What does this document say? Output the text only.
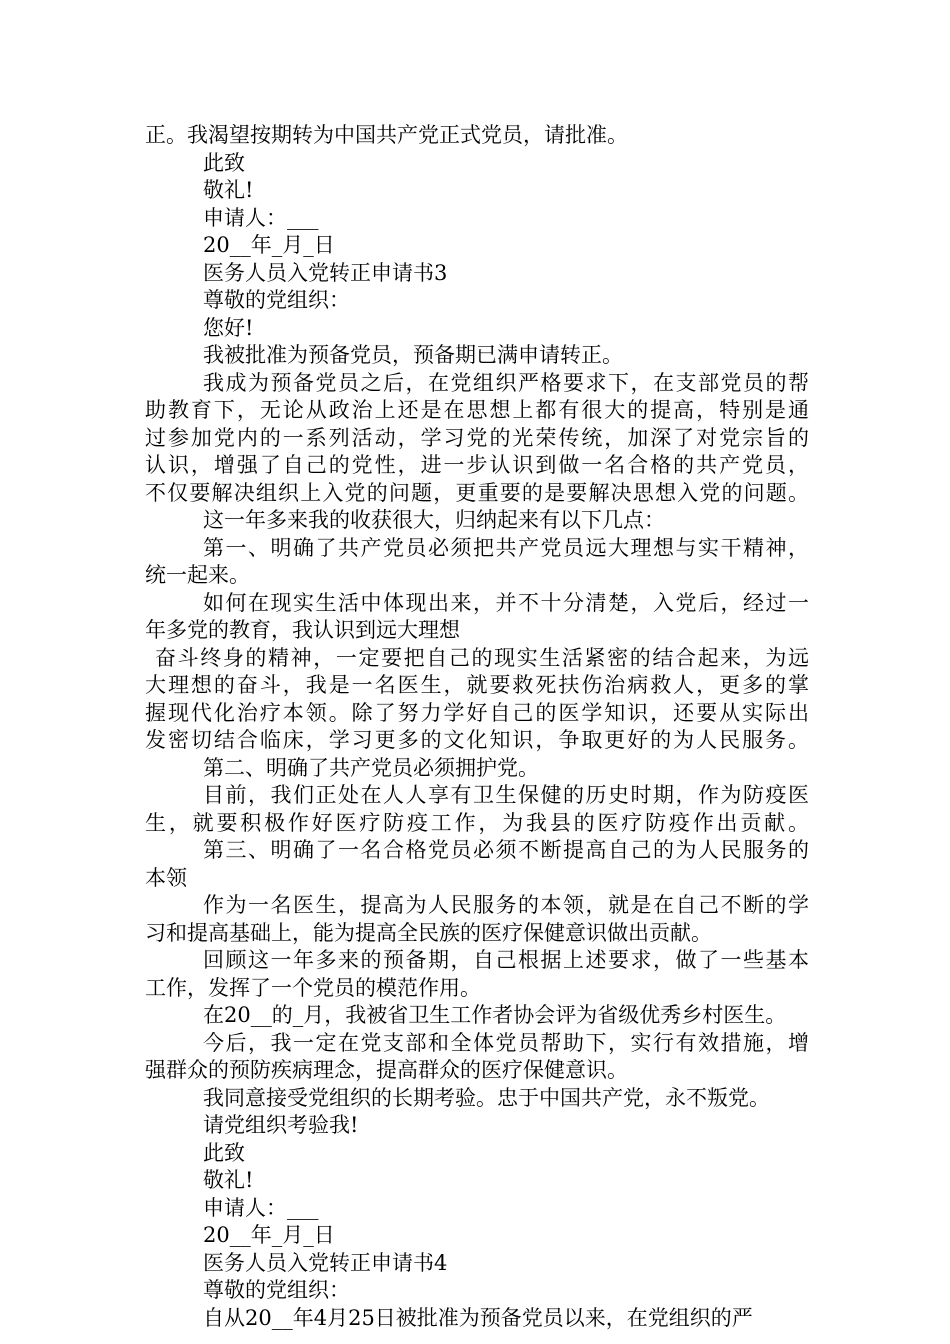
正。我渴望按期转为中国共产党正式党员，请批准。
此致
敬礼!
申请人：___
20__年_月_日
医务人员入党转正申请书3
尊敬的党组织：
您好!
我被批准为预备党员，预备期已满申请转正。
我成为预备党员之后，在党组织严格要求下，在支部党员的帮
助教育下，无论从政治上还是在思想上都有很大的提高，特别是通
过参加党内的一系列活动，学习党的光荣传统，加深了对党宗旨的
认识，增强了自己的党性，进一步认识到做一名合格的共产党员，
不仅要解决组织上入党的问题，更重要的是要解决思想入党的问题。
这一年多来我的收获很大，归纳起来有以下几点：
第一、明确了共产党员必须把共产党员远大理想与实干精神，
统一起来。
如何在现实生活中体现出来，并不十分清楚，入党后，经过一
年多党的教育，我认识到远大理想
奋斗终身的精神，一定要把自己的现实生活紧密的结合起来，为远
大理想的奋斗，我是一名医生，就要救死扶伤治病救人，更多的掌
握现代化治疗本领。除了努力学好自己的医学知识，还要从实际出
发密切结合临床，学习更多的文化知识，争取更好的为人民服务。
第二、明确了共产党员必须拥护党。
目前，我们正处在人人享有卫生保健的历史时期，作为防疫医
生，就要积极作好医疗防疫工作，为我县的医疗防疫作出贡献。
第三、明确了一名合格党员必须不断提高自己的为人民服务的
本领
作为一名医生，提高为人民服务的本领，就是在自己不断的学
习和提高基础上，能为提高全民族的医疗保健意识做出贡献。
回顾这一年多来的预备期，自己根据上述要求，做了一些基本
工作，发挥了一个党员的模范作用。
在20__的_月，我被省卫生工作者协会评为省级优秀乡村医生。
今后，我一定在党支部和全体党员帮助下，实行有效措施，增
强群众的预防疾病理念，提高群众的医疗保健意识。
我同意接受党组织的长期考验。忠于中国共产党，永不叛党。
请党组织考验我!
此致
敬礼!
申请人：___
20__年_月_日
医务人员入党转正申请书4
尊敬的党组织：
自从20__年4月25日被批准为预备党员以来，在党组织的严
